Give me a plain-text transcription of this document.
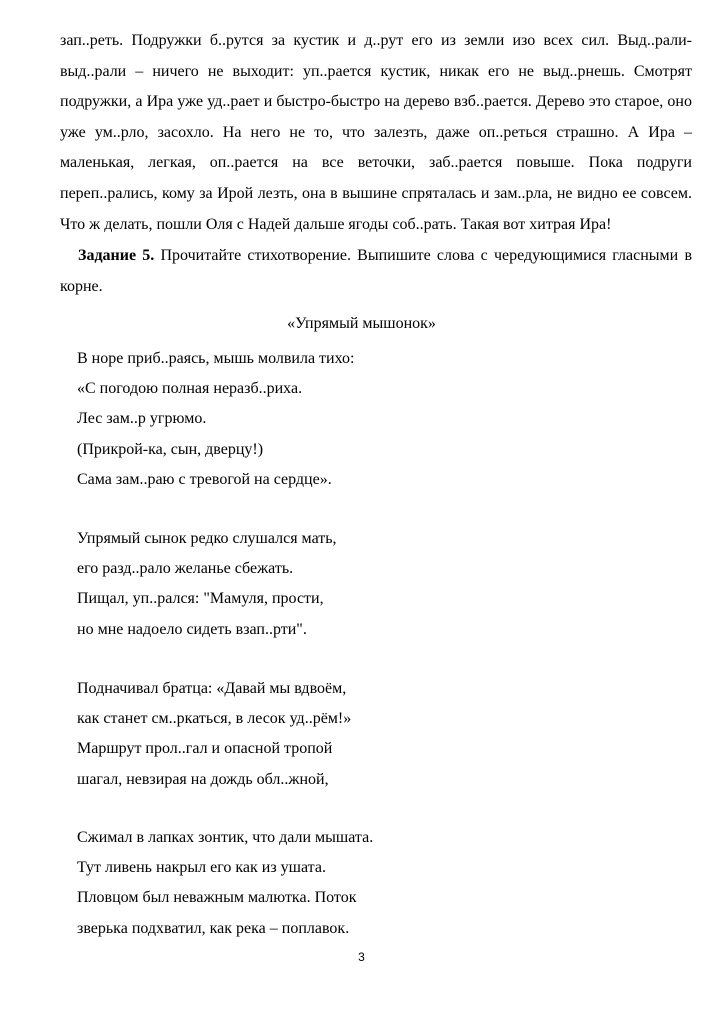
зап..реть. Подружки б..рутся за кустик и д..рут его из земли изо всех сил. Выд..рали-выд..рали – ничего не выходит: уп..рается кустик, никак его не выд..рнешь. Смотрят подружки, а Ира уже уд..рает и быстро-быстро на дерево взб..рается. Дерево это старое, оно уже ум..рло, засохло. На него не то, что залезть, даже оп..реться страшно. А Ира – маленькая, легкая, оп..рается на все веточки, заб..рается повыше. Пока подруги переп..рались, кому за Ирой лезть, она в вышине спряталась и зам..рла, не видно ее совсем. Что ж делать, пошли Оля с Надей дальше ягоды соб..рать. Такая вот хитрая Ира!

Задание 5. Прочитайте стихотворение. Выпишите слова с чередующимися гласными в корне.

«Упрямый мышонок»

В норе приб..раясь, мышь молвила тихо:
«С погодою полная неразб..риха.
Лес зам..р угрюмо.
(Прикрой-ка, сын, дверцу!)
Сама зам..раю с тревогой на сердце».
Упрямый сынок редко слушался мать,
его разд..рало желанье сбежать.
Пищал, уп..рался: "Мамуля, прости,
но мне надоело сидеть взап..рти".
Подначивал братца: «Давай мы вдвоём,
как станет см..ркаться, в лесок уд..рём!»
Маршрут прол..гал и опасной тропой
шагал, невзирая на дождь обл..жной,
Сжимал в лапках зонтик, что дали мышата.
Тут ливень накрыл его как из ушата.
Пловцом был неважным малютка. Поток
зверька подхватил, как река – поплавок.

3
